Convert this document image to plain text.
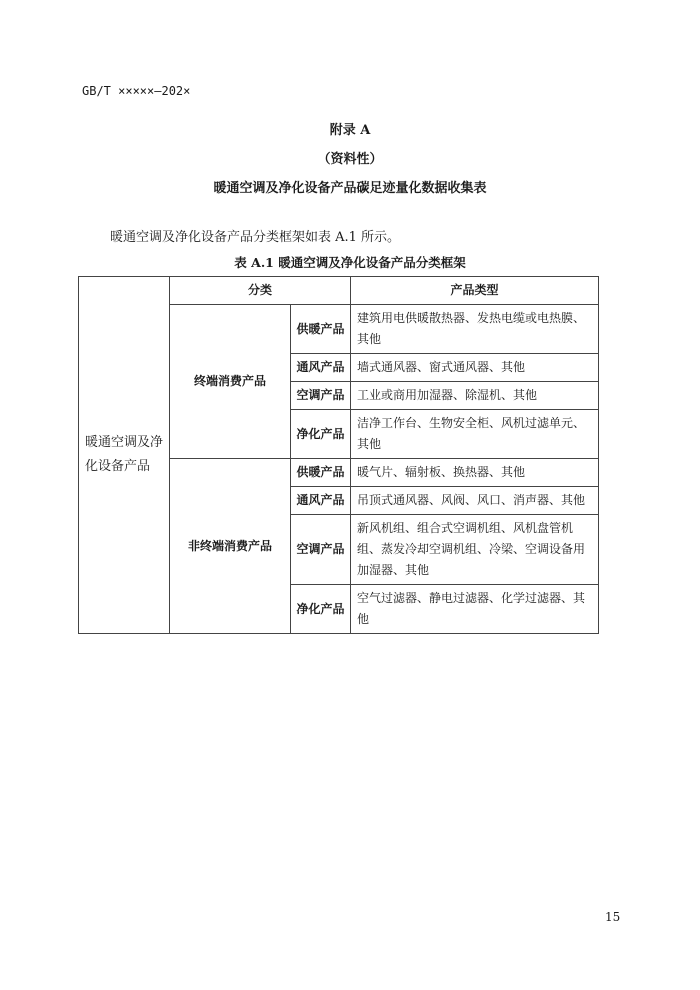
GB/T ×××××—202×
附录 A
（资料性）
暖通空调及净化设备产品碳足迹量化数据收集表
暖通空调及净化设备产品分类框架如表 A.1 所示。
表 A.1 暖通空调及净化设备产品分类框架
暖通空调及净化设备产品	分类		产品类型
	终端消费产品	供暖产品	建筑用电供暖散热器、发热电缆或电热膜、其他
		通风产品	墙式通风器、窗式通风器、其他
		空调产品	工业或商用加湿器、除湿机、其他
		净化产品	洁净工作台、生物安全柜、风机过滤单元、其他
	非终端消费产品	供暖产品	暖气片、辐射板、换热器、其他
		通风产品	吊顶式通风器、风阀、风口、消声器、其他
		空调产品	新风机组、组合式空调机组、风机盘管机组、蒸发冷却空调机组、冷梁、空调设备用加湿器、其他
		净化产品	空气过滤器、静电过滤器、化学过滤器、其他
15
